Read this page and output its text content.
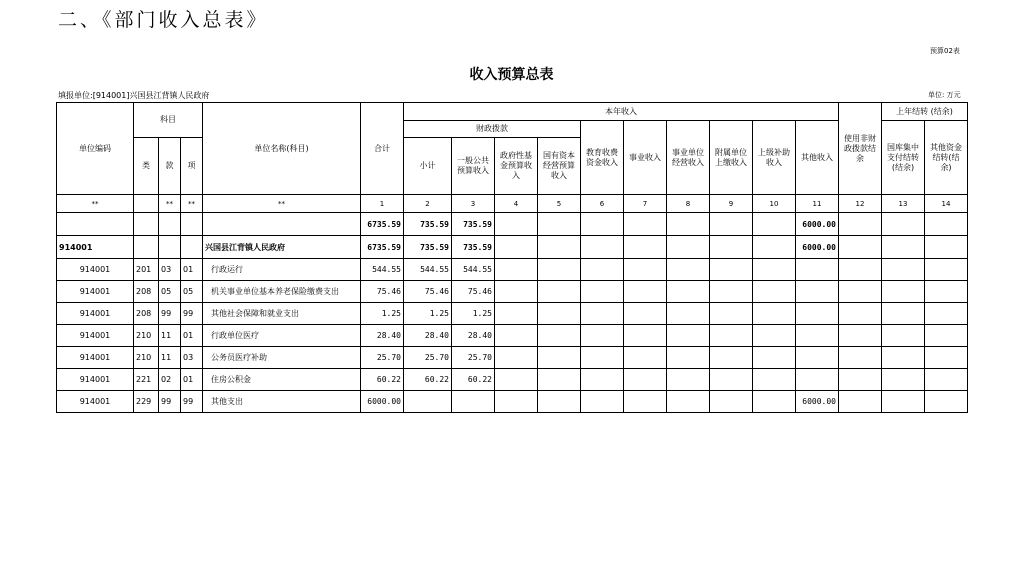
二、《部门收入总表》
预算02表
收入预算总表
填报单位:[914001]兴国县江背镇人民政府	单位: 万元
单位编码	科目			单位名称(科目)	合计	本年收入										使用非财政拨款结余	上年结转 (结余)	
						财政拨款				教育收费资金收入	事业收入	事业单位经营收入	附属单位上缴收入	上级补助收入	其他收入		国库集中支付结转(结余)	其他资金结转(结余)
	类	款	项			小计	一般公共预算收入	政府性基金预算收入	国有资本经营预算收入									

**		**	**	**	1	2	3	4	5	6	7	8	9	10	11	12	13	14
					6735.59	735.59	735.59								6000.00			
914001				兴国县江背镇人民政府	6735.59	735.59	735.59								6000.00			
914001	201	03	01	行政运行	544.55	544.55	544.55											
914001	208	05	05	机关事业单位基本养老保险缴费支出	75.46	75.46	75.46											
914001	208	99	99	其他社会保障和就业支出	1.25	1.25	1.25											
914001	210	11	01	行政单位医疗	28.40	28.40	28.40											
914001	210	11	03	公务员医疗补助	25.70	25.70	25.70											
914001	221	02	01	住房公积金	60.22	60.22	60.22											
914001	229	99	99	其他支出	6000.00										6000.00			
